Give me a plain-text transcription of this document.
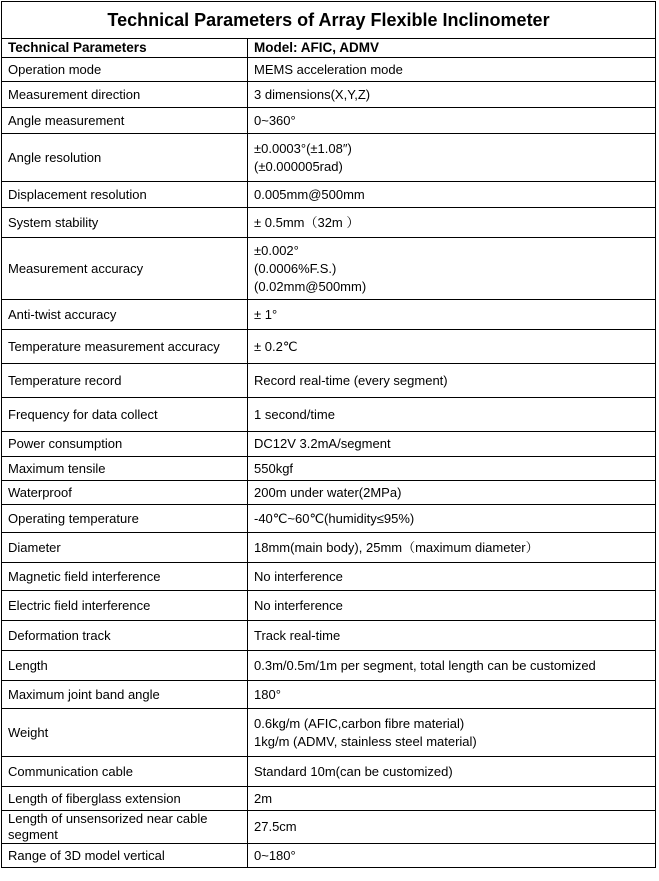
Technical Parameters of Array Flexible Inclinometer	
Technical Parameters	Model: AFIC, ADMV
Operation mode	MEMS acceleration mode

Measurement direction	3 dimensions(X,Y,Z)

Angle measurement	0~360°

Angle resolution	±0.0003°(±1.08″)
(±0.000005rad)

Displacement resolution	0.005mm@500mm

System stability	± 0.5mm（32m ）

Measurement accuracy	±0.002°
(0.0006%F.S.)
(0.02mm@500mm)

Anti-twist accuracy	± 1°

Temperature measurement accuracy	± 0.2℃

Temperature record	Record real-time (every segment)

Frequency for data collect	1 second/time

Power consumption	DC12V 3.2mA/segment

Maximum tensile	550kgf

Waterproof	200m under water(2MPa)

Operating temperature	-40℃~60℃(humidity≤95%)

Diameter	18mm(main body), 25mm（maximum diameter）

Magnetic field interference	No interference

Electric field interference	No interference

Deformation track	Track real-time

Length	0.3m/0.5m/1m per segment, total length can be customized

Maximum joint band angle	180°

Weight	0.6kg/m (AFIC,carbon fibre material)
1kg/m (ADMV, stainless steel material)

Communication cable	Standard 10m(can be customized)

Length of fiberglass extension	2m

Length of unsensorized near cable segment	27.5cm

Range of 3D model vertical	0~180°
